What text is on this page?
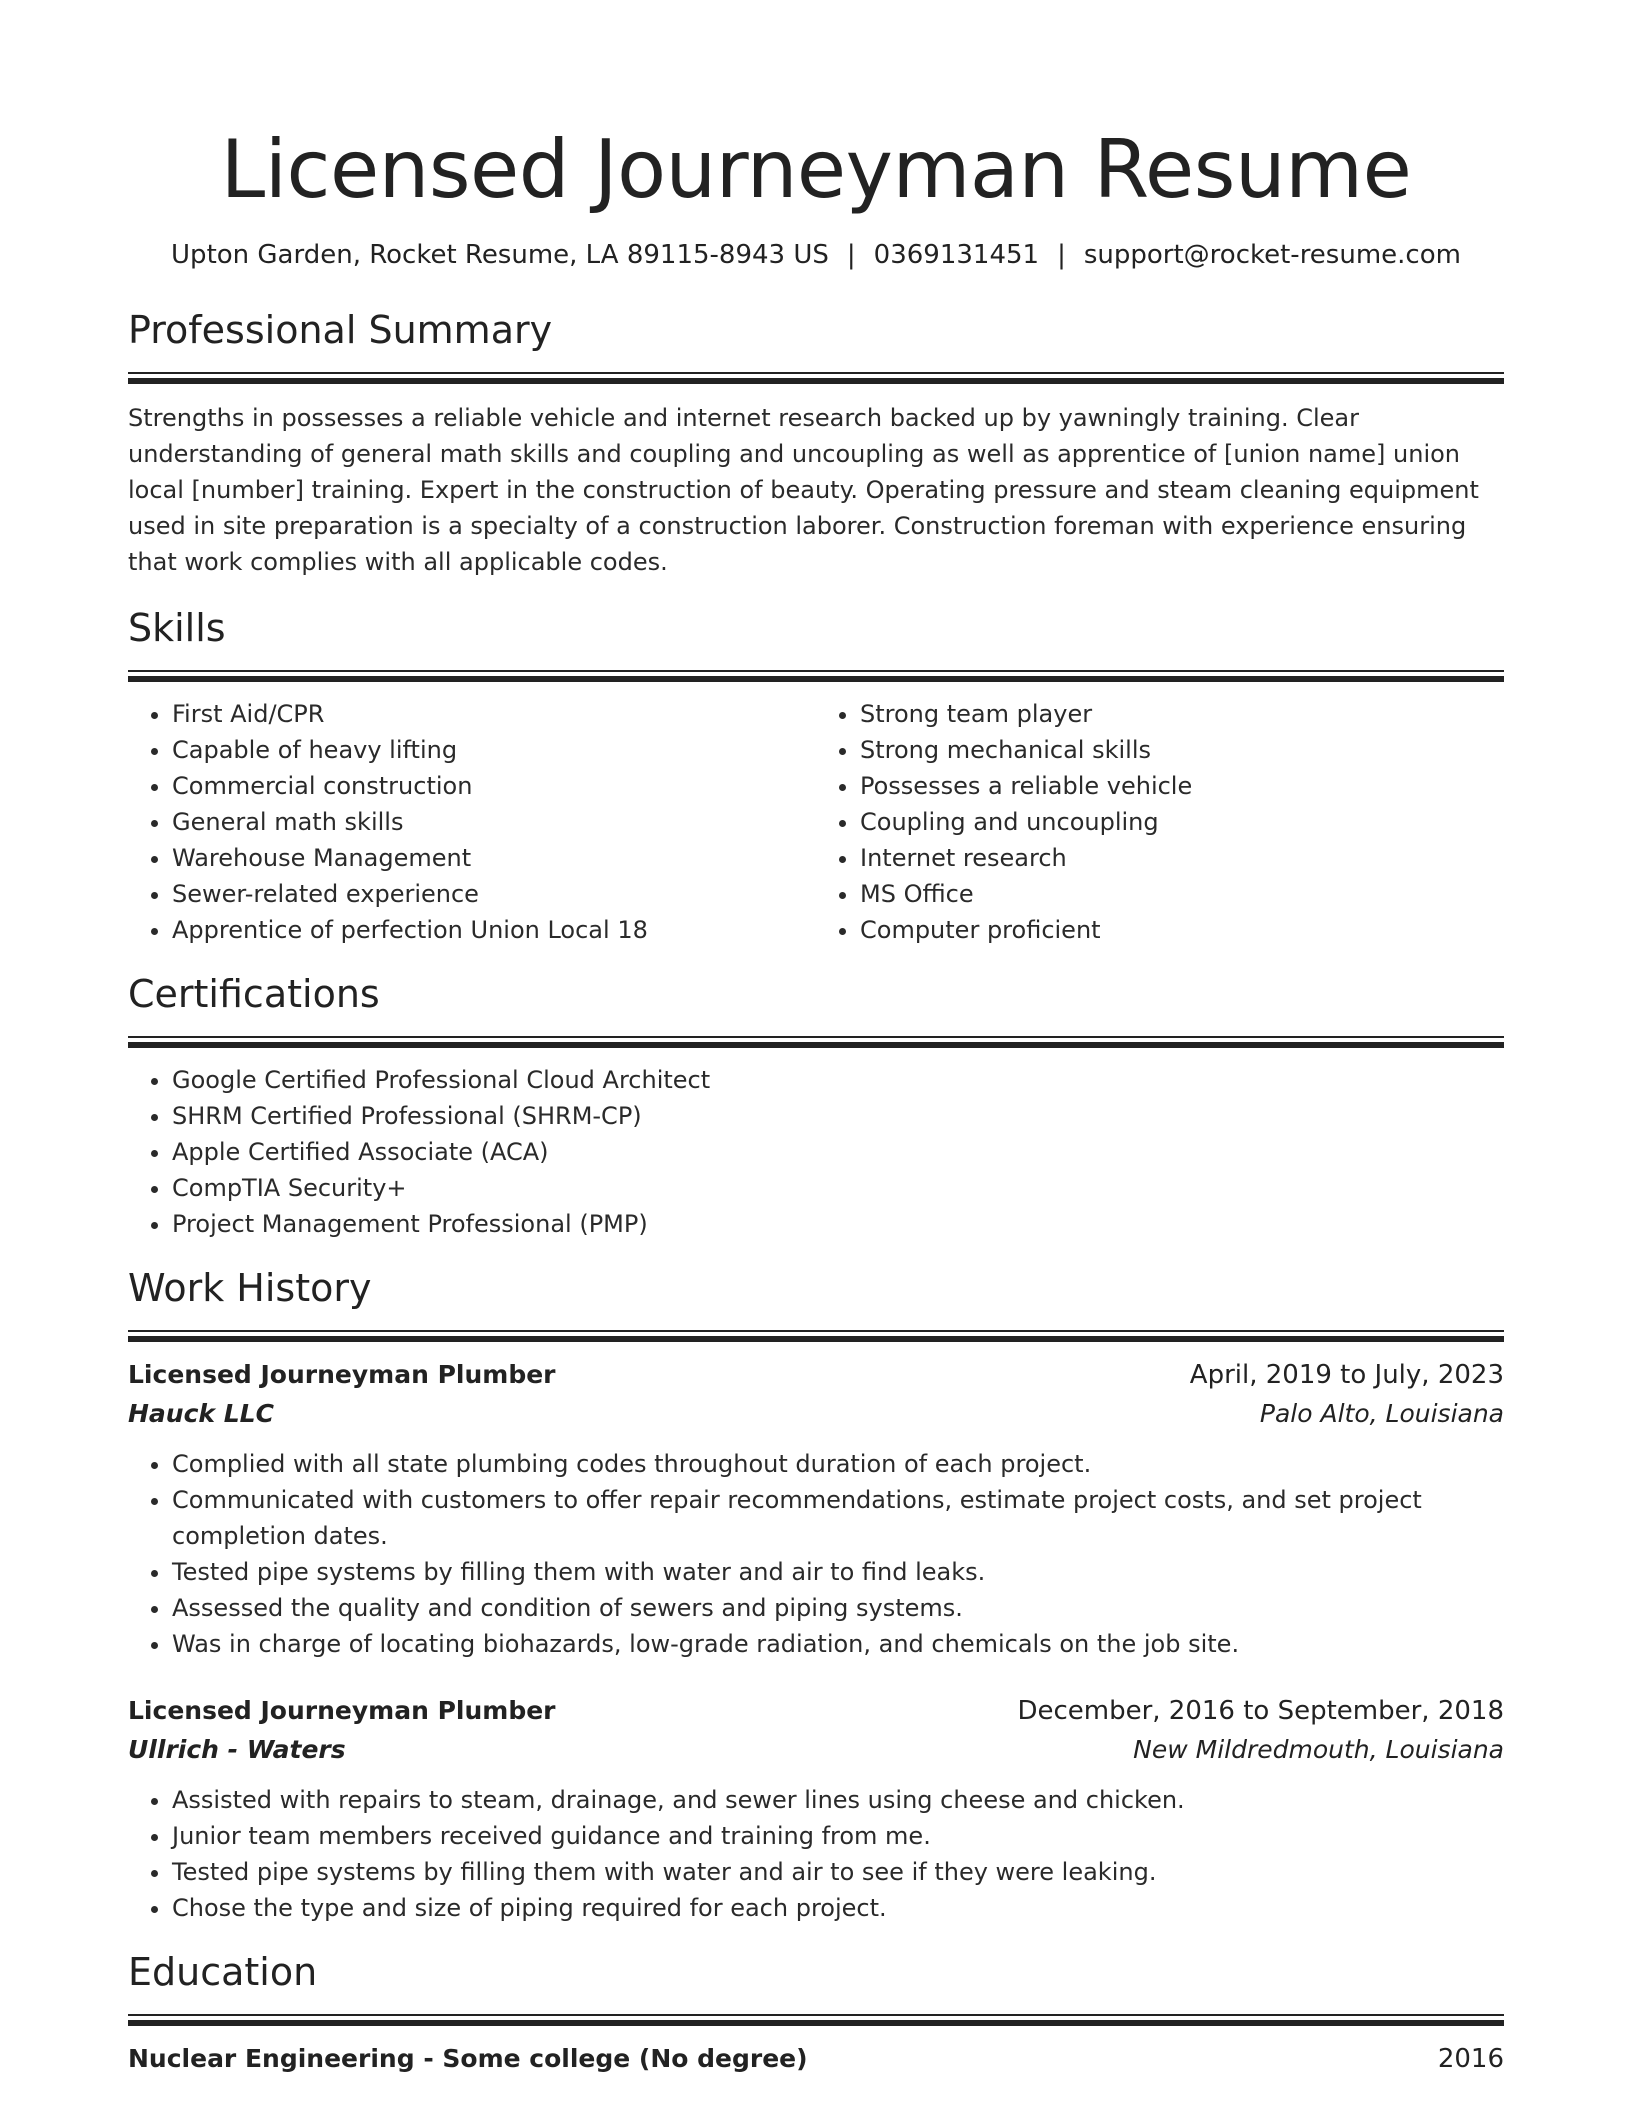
Licensed Journeyman Resume
Upton Garden, Rocket Resume, LA 89115-8943 US | 0369131451 | support@rocket-resume.com
Professional Summary

Strengths in possesses a reliable vehicle and internet research backed up by yawningly training. Clear understanding of general math skills and coupling and uncoupling as well as apprentice of [union name] union local [number] training. Expert in the construction of beauty. Operating pressure and steam cleaning equipment used in site preparation is a specialty of a construction laborer. Construction foreman with experience ensuring that work complies with all applicable codes.

Skills
• First Aid/CPR
• Capable of heavy lifting
• Commercial construction
• General math skills
• Warehouse Management
• Sewer-related experience
• Apprentice of perfection Union Local 18
• Strong team player
• Strong mechanical skills
• Possesses a reliable vehicle
• Coupling and uncoupling
• Internet research
• MS Office
• Computer proficient
Certifications
• Google Certified Professional Cloud Architect
• SHRM Certified Professional (SHRM-CP)
• Apple Certified Associate (ACA)
• CompTIA Security+
• Project Management Professional (PMP)
Work History
Licensed Journeyman Plumber	April, 2019 to July, 2023
Hauck LLC	Palo Alto, Louisiana
• Complied with all state plumbing codes throughout duration of each project.
• Communicated with customers to offer repair recommendations, estimate project costs, and set project completion dates.
• Tested pipe systems by filling them with water and air to find leaks.
• Assessed the quality and condition of sewers and piping systems.
• Was in charge of locating biohazards, low-grade radiation, and chemicals on the job site.
Licensed Journeyman Plumber	December, 2016 to September, 2018
Ullrich - Waters	New Mildredmouth, Louisiana
• Assisted with repairs to steam, drainage, and sewer lines using cheese and chicken.
• Junior team members received guidance and training from me.
• Tested pipe systems by filling them with water and air to see if they were leaking.
• Chose the type and size of piping required for each project.
Education
Nuclear Engineering - Some college (No degree)	2016
